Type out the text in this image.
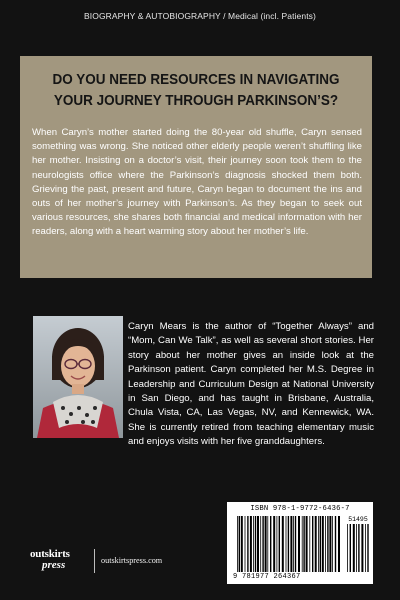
BIOGRAPHY & AUTOBIOGRAPHY / Medical (incl. Patients)
DO YOU NEED RESOURCES IN NAVIGATING
YOUR JOURNEY THROUGH PARKINSON’S?

When Caryn’s mother started doing the 80-year old shuffle, Caryn sensed something was wrong. She noticed other elderly people weren’t shuffling like her mother. Insisting on a doctor’s visit, their journey soon took them to the neurologists office where the Parkinson’s diagnosis shocked them both. Grieving the past, present and future, Caryn began to document the ins and outs of her mother’s journey with Parkinson’s. As they began to seek out various resources, she shares both financial and medical information with her readers, along with a heart warming story about her mother’s life.

Caryn Mears is the author of “Together Always” and “Mom, Can We Talk”, as well as several short stories. Her story about her mother gives an inside look at the Parkinson patient. Caryn completed her M.S. Degree in Leadership and Curriculum Design at National University in San Diego, and has taught in Brisbane, Australia, Chula Vista, CA, Las Vegas, NV, and Kennewick, WA. She is currently retired from teaching elementary music and enjoys visits with her five granddaughters.

ISBN 978-1-9772-6436-7
9 781977 264367
51495
outskirts
press	outskirtspress.com
